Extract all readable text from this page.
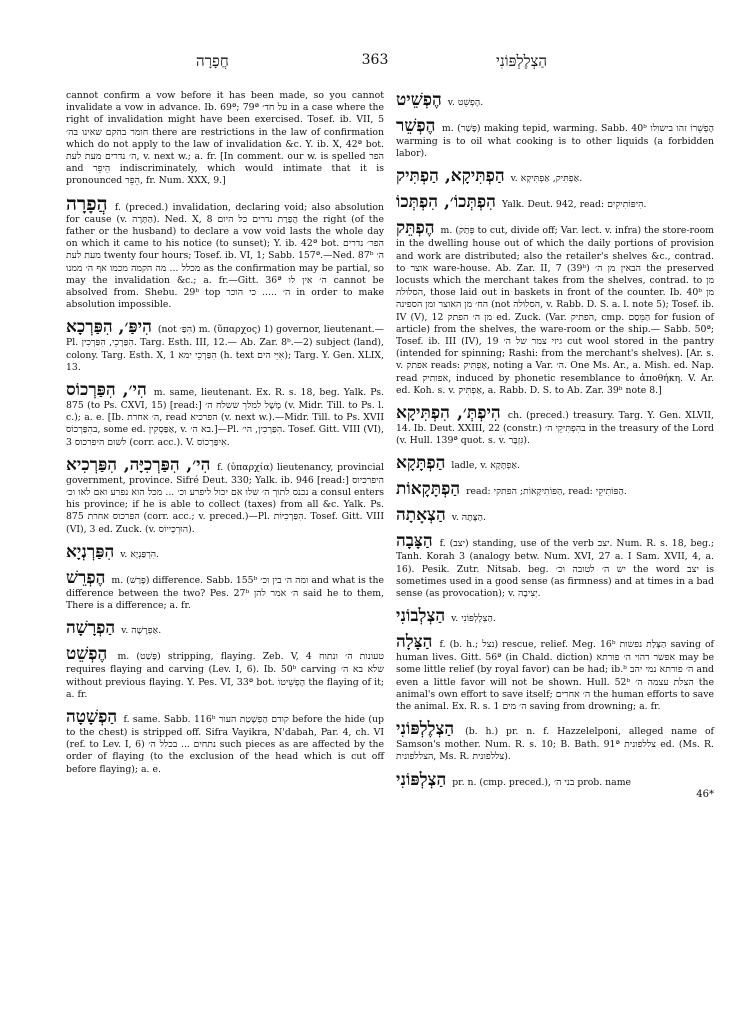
חֲפָרָה	363	הַצְלֶלְפּוֹנִי

cannot confirm a vow before it has been made, so you cannot invalidate a vow in advance. Ib. 69ª; 79ª על חד׳ in a case where the right of invalidation might have been exercised. Tosef. ib. VII, 5 חומר בהקם שאינו בה׳ there are restrictions in the law of confirmation which do not apply to the law of invalidation &c. Y. ib. X, 42ª bot. ה׳ נדרים מעת לעת, v. next w.; a. fr. [In comment. our w. is spelled הפר and הֵיפֵר indiscriminately, which would intimate that it is pronounced הֵפֵר, fr. Num. XXX, 9.]

הֲפָרָה f. (preced.) invalidation, declaring void; also absolution for cause (v. הַתָּרָה). Ned. X, 8 הֲפָרַת נדרים כל היום the right (of the father or the husband) to declare a vow void lasts the whole day on which it came to his notice (to sunset); Y. ib. 42ª bot. הפר׳ נדרים מעת לעת twenty four hours; Tosef. ib. VI, 1; Sabb. 157ª.—Ned. 87ᵇ ה׳ מכלל ... מה הקמה מכמו אף ה׳ ממנו as the confirmation may be partial, so may the invalidation &c.; a. fr.—Gitt. 36ª ה׳ אין לו cannot be absolved from. Shebu. 29ᵇ top ה׳ ..... כי הוכר in order to make absolution impossible.

הִיפַּ׳, הִפַּרְכָא (not הִפַּ׳) m. (ὕπαρχος) 1) governor, lieutenant.—Pl. הִפַּרְכֵי, הִפַּרְכִין. Targ. Esth. III, 12.— Ab. Zar. 8ᵇ.—2) subject (land), colony. Targ. Esth. X, 1 הִפַּרְכֵי ימא (h. text אִיֵּי הים); Targ. Y. Gen. XLIX, 13.

הִי׳, הִפַּרְכוֹס m. same, lieutenant. Ex. R. s. 18, beg. Yalk. Ps. 875 (to Ps. CXVI, 15) [read:] מָשָׁל למלך ששלח ה׳ (v. Midr. Till. to Ps. l. c.); a. e. [Ib. ה׳ אחרת, read הפרכיא (v. next w.).—Midr. Till. to Ps. XVII בהִפַּרְכוֹס, some ed. אַפַּסְקִין, v. בא ה׳.]—Pl. הִפַּרְכִין, הי׳. Tosef. Gitt. VIII (VI), 3 לשום היפרכוס (corr. acc.). V. אִיפַּרְכוֹס.

הִי׳, הִפַּרְכִיָּה, הִפַּרְכִיא f. (ὑπαρχία) lieutenancy, provincial government, province. Sifré Deut. 330; Yalk. ib. 946 [read:] היפרכיוס נכנס לתוך ה׳ שלו אם יכול ליפרע וכ׳ ... מכל הוא נפרע ואם לאו וכ׳ a consul enters his province; if he is able to collect (taxes) from all &c. Yalk. Ps. 875 הפרכוס אחרת (corr. acc.; v. preced.)—Pl. הִפַּרְכִיּוֹת. Tosef. Gitt. VIII (VI), 3 ed. Zuck. (v. הוּרְכְייוֹס).

הִפַּרְנְיָא v. הִרְפַּנְיָא.

הֶפְרֵשׁ m. (פָּרַשׁ) difference. Sabb. 155ᵇ ומה ה׳ בין וכ׳ and what is the difference between the two? Pes. 27ᵇ ה׳ אמר להן said he to them, There is a difference; a. fr.

הַפְרָשָׁה v. אַפְרָשָׁה.

הֶפְשֵׁט m. (פָּשַׁט) stripping, flaying. Zeb. V, 4 טעונות ה׳ ונתוח requires flaying and carving (Lev. I, 6). Ib. 50ᵇ carving שלא בא ה׳ without previous flaying. Y. Pes. VI, 33ª bot. הֶפְשֵׁיטוֹ the flaying of it; a. fr.

הַפְשָׁטָה f. same. Sabb. 116ᵇ קודם הַפְשָׁטַת העור before the hide (up to the chest) is stripped off. Sifra Vayikra, N'dabah, Par. 4, ch. VI (ref. to Lev. I, 6) נתחים ... בכלל ה׳ such pieces as are affected by the order of flaying (to the exclusion of the head which is cut off before flaying); a. e.

הֶפְשֵׁיט v. הֶפְשֵׁט.

הֶפְשֵׁר m. (פָּשַׁר) making tepid, warming. Sabb. 40ᵇ הֶפְשֵׁרוֹ זהו בישולו warming is to oil what cooking is to other liquids (a forbidden labor).

הַפְתִּיקָא, הַפְתִּיק v. אַפְתִּיק, אַפְתִּיקָא.

הִפְתְּכוֹ׳, הִפְתְּכוֹ Yalk. Deut. 942, read: הִיפּוֹתִיקִים.

הֶפְתֵּק m. (פְּתַק to cut, divide off; Var. lect. v. infra) the store-room in the dwelling house out of which the daily portions of provision and work are distributed; also the retailer's shelves &c., contrad. to אוצר ware-house. Ab. Zar. II, 7 (39ᵇ) הבאין מן ה׳ the preserved locusts which the merchant takes from the shelves, contrad. to מן הסלולה, those laid out in baskets in front of the counter. Ib. 40ᵇ מן הח׳ מן האוצר ומן הספינה (not הסלולה, v. Rabb. D. S. a. l. note 5); Tosef. ib. IV (V), 12 מן ה׳ הפתק ed. Zuck. (Var. הפתיק, cmp. הַמֵּסַם for fusion of article) from the shelves, the ware-room or the ship.— Sabb. 50ª; Tosef. ib. III (IV), 19 גיזי צמר של ה׳ cut wool stored in the pantry (intended for spinning; Rashi: from the merchant's shelves). [Ar. s. v. אפתק reads: אַפְתִּיק, noting a Var. ה׳. One Ms. Ar., a. Mish. ed. Nap. read אפותיק, induced by phonetic resemblance to ἀποθήκη. V. Ar. ed. Koh. s. v. אַפְתִּיק, a. Rabb. D. S. to Ab. Zar. 39ᵇ note 8.]

הִיפְתְּ׳, הִפְתִּיקָא ch. (preced.) treasury. Targ. Y. Gen. XLVII, 14. Ib. Deut. XXIII, 22 (constr.) בהִפְתִּיקֵי ה׳ in the treasury of the Lord (v. Hull. 139ª quot. s. v. גִּזְבָּר).

הַפְתָּקָא ladle, v. אַפְתָּקָא.

הַפְתָּקָאוֹת read: הַפּוֹתִיקָאוֹת; הפתקי, read: הַפּוֹתִיקֵי.

הַצְאָתָה v. הַצָּתָה.

הַצָּבָה f. (יצב) standing, use of the verb יצב. Num. R. s. 18, beg.; Tanh. Korah 3 (analogy betw. Num. XVI, 27 a. I Sam. XVII, 4, a. 16). Pesik. Zutr. Nitsab. beg. יש ה׳ לטובה וכ׳ the word יצב is sometimes used in a good sense (as firmness) and at times in a bad sense (as provocation); v. יְצִיבָה.

הַצְלְבוֹנִי v. הַצְלֶלְפּוֹנִי.

הַצָּלָה f. (b. h.; נצל) rescue, relief. Meg. 16ᵇ הַצָּלַת נפשות saving of human lives. Gitt. 56ª (in Chald. diction) אפשר דהוי ה׳ פורתא may be some little relief (by royal favor) can be had; ib.ᵇ ה׳ פורתא נמי יהב and even a little favor will not be shown. Hull. 52ᵇ הצלת עצמה ה׳ the animal's own effort to save itself; ה׳ אחרים the human efforts to save the animal. Ex. R. s. 1 ה׳ מים saving from drowning; a. fr.

הַצְלֶלְפּוֹנִי (b. h.) pr. n. f. Hazzelelponi, alleged name of Samson's mother. Num. R. s. 10; B. Bath. 91ª צללפונית ed. (Ms. R. הצללפונית, Ms. R. צללפונית).

הַצְלְפּוֹנִי pr. n. (cmp. preced.), בני ה׳ prob. name
46*
